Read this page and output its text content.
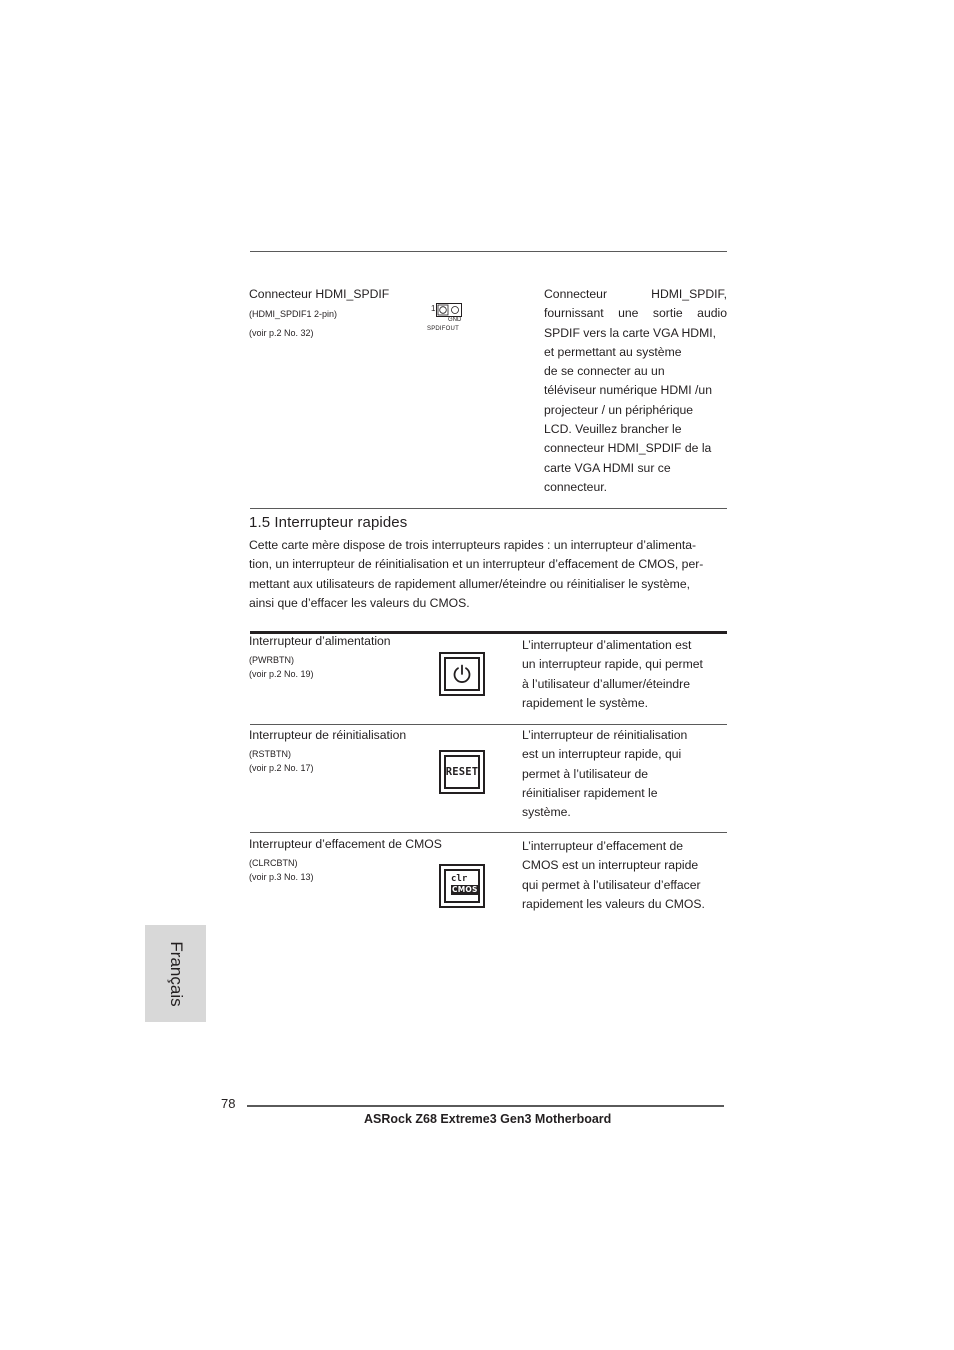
Connecteur HDMI_SPDIF
(HDMI_SPDIF1 2-pin)
(voir p.2 No. 32)
1
GND
SPDIFOUT

Connecteur HDMI_SPDIF,

fournissant une sortie audio

SPDIF vers la carte VGA HDMI,

et permettant au système

de se connecter au un

téléviseur numérique HDMI /un

projecteur / un périphérique

LCD. Veuillez brancher le

connecteur HDMI_SPDIF de la

carte VGA HDMI sur ce

connecteur.

1.5 Interrupteur rapides

Cette carte mère dispose de trois interrupteurs rapides : un interrupteur d’alimenta-

tion, un interrupteur de réinitialisation et un interrupteur d’effacement de CMOS, per-

mettant aux utilisateurs de rapidement allumer/éteindre ou réinitialiser le système,

ainsi que d’effacer les valeurs du CMOS.

Interrupteur d’alimentation
(PWRBTN)
(voir p.2 No. 19)

L’interrupteur d’alimentation est

un interrupteur rapide, qui permet

à l’utilisateur d’allumer/éteindre

rapidement le système.

Interrupteur de réinitialisation
(RSTBTN)
(voir p.2 No. 17)	RESET

L’interrupteur de réinitialisation

est un interrupteur rapide, qui

permet à l’utilisateur de

réinitialiser rapidement le

système.

Interrupteur d’effacement de CMOS
(CLRCBTN)
(voir p.3 No. 13)	clr
CMOS

L’interrupteur d’effacement de

CMOS est un interrupteur rapide

qui permet à l’utilisateur d’effacer

rapidement les valeurs du CMOS.

Français
78
ASRock Z68 Extreme3 Gen3 Motherboard
